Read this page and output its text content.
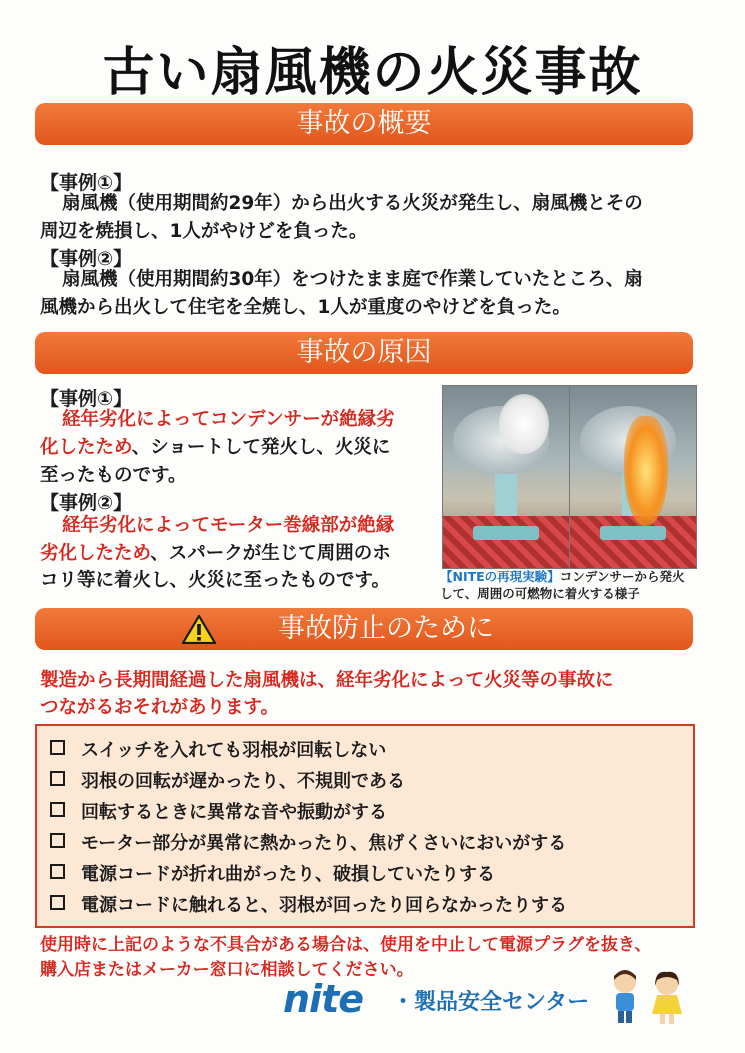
古い扇風機の火災事故
事故の概要
【事例①】
扇風機（使用期間約29年）から出火する火災が発生し、扇風機とその
周辺を焼損し、1人がやけどを負った。
【事例②】
扇風機（使用期間約30年）をつけたまま庭で作業していたところ、扇
風機から出火して住宅を全焼し、1人が重度のやけどを負った。
事故の原因
【事例①】
経年劣化によってコンデンサーが絶縁劣
化したため、ショートして発火し、火災に
至ったものです。
【事例②】
経年劣化によってモーター巻線部が絶縁
劣化したため、スパークが生じて周囲のホ
コリ等に着火し、火災に至ったものです。	【NITEの再現実験】コンデンサーから発火
して、周囲の可燃物に着火する様子
事故防止のために
製造から長期間経過した扇風機は、経年劣化によって火災等の事故に
つながるおそれがあります。
スイッチを入れても羽根が回転しない
羽根の回転が遅かったり、不規則である
回転するときに異常な音や振動がする
モーター部分が異常に熱かったり、焦げくさいにおいがする
電源コードが折れ曲がったり、破損していたりする
電源コードに触れると、羽根が回ったり回らなかったりする
使用時に上記のような不具合がある場合は、使用を中止して電源プラグを抜き、
購入店またはメーカー窓口に相談してください。
nite ・製品安全センター
